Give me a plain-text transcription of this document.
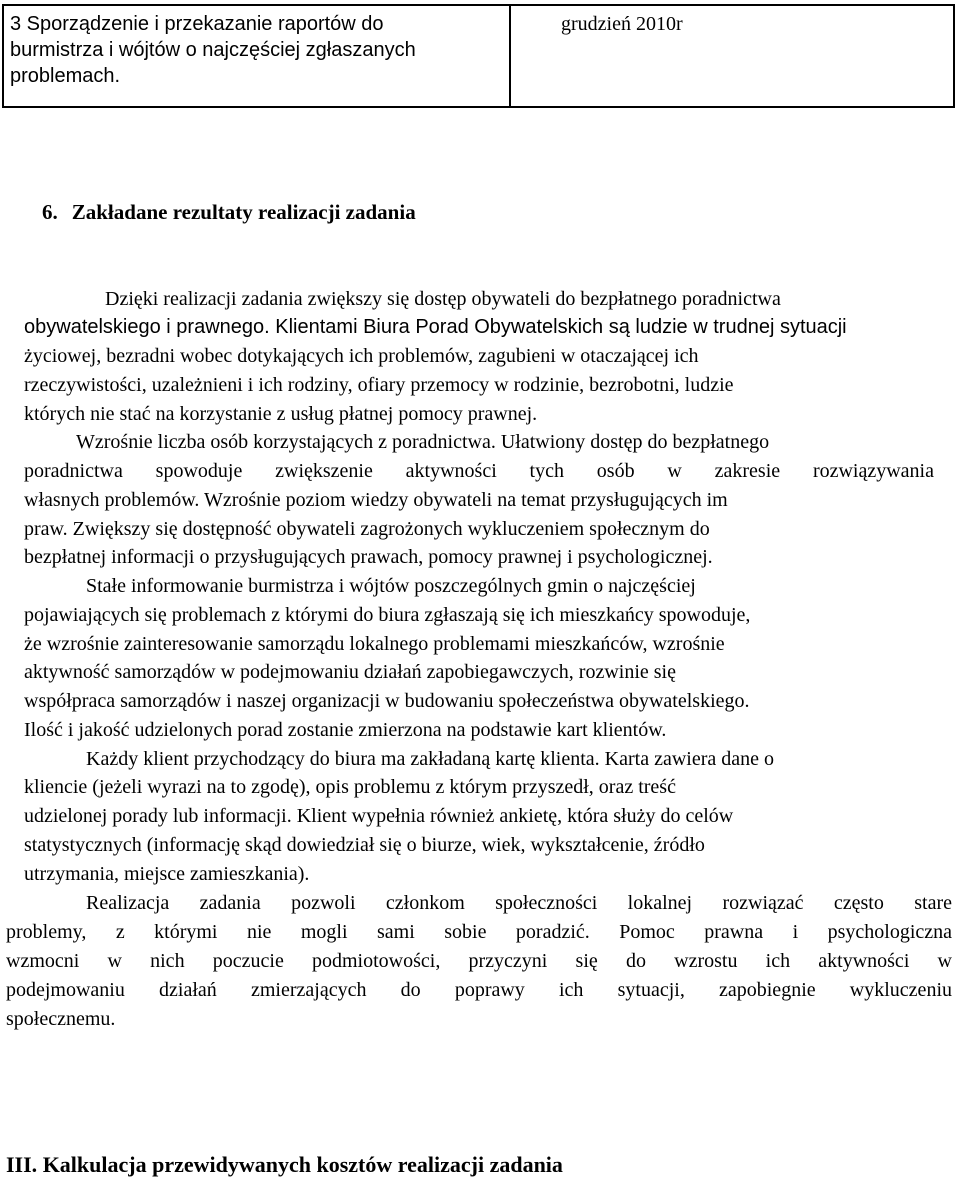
3 Sporządzenie i przekazanie raportów do
burmistrza i wójtów o najczęściej zgłaszanych
problemach.

grudzień 2010r

6. Zakładane rezultaty realizacji zadania

Dzięki realizacji zadania zwiększy się dostęp obywateli do bezpłatnego poradnictwa

obywatelskiego i prawnego. Klientami Biura Porad Obywatelskich są ludzie w trudnej sytuacji

życiowej, bezradni wobec dotykających ich problemów, zagubieni w otaczającej ich

rzeczywistości, uzależnieni i ich rodziny, ofiary przemocy w rodzinie, bezrobotni, ludzie

których nie stać na korzystanie z usług płatnej pomocy prawnej.

Wzrośnie liczba osób korzystających z poradnictwa. Ułatwiony dostęp do bezpłatnego

poradnictwa spowoduje zwiększenie aktywności tych osób w zakresie rozwiązywania

własnych problemów. Wzrośnie poziom wiedzy obywateli na temat przysługujących im

praw. Zwiększy się dostępność obywateli zagrożonych wykluczeniem społecznym do

bezpłatnej informacji o przysługujących prawach, pomocy prawnej i psychologicznej.

Stałe informowanie burmistrza i wójtów poszczególnych gmin o najczęściej

pojawiających się problemach z którymi do biura zgłaszają się ich mieszkańcy spowoduje,

że wzrośnie zainteresowanie samorządu lokalnego problemami mieszkańców, wzrośnie

aktywność samorządów w podejmowaniu działań zapobiegawczych, rozwinie się

współpraca samorządów i naszej organizacji w budowaniu społeczeństwa obywatelskiego.

Ilość i jakość udzielonych porad zostanie zmierzona na podstawie kart klientów.

Każdy klient przychodzący do biura ma zakładaną kartę klienta. Karta zawiera dane o

kliencie (jeżeli wyrazi na to zgodę), opis problemu z którym przyszedł, oraz treść

udzielonej porady lub informacji. Klient wypełnia również ankietę, która służy do celów

statystycznych (informację skąd dowiedział się o biurze, wiek, wykształcenie, źródło

utrzymania, miejsce zamieszkania).

Realizacja zadania pozwoli członkom społeczności lokalnej rozwiązać często stare

problemy, z którymi nie mogli sami sobie poradzić. Pomoc prawna i psychologiczna

wzmocni w nich poczucie podmiotowości, przyczyni się do wzrostu ich aktywności w

podejmowaniu działań zmierzających do poprawy ich sytuacji, zapobiegnie wykluczeniu

społecznemu.

III. Kalkulacja przewidywanych kosztów realizacji zadania
